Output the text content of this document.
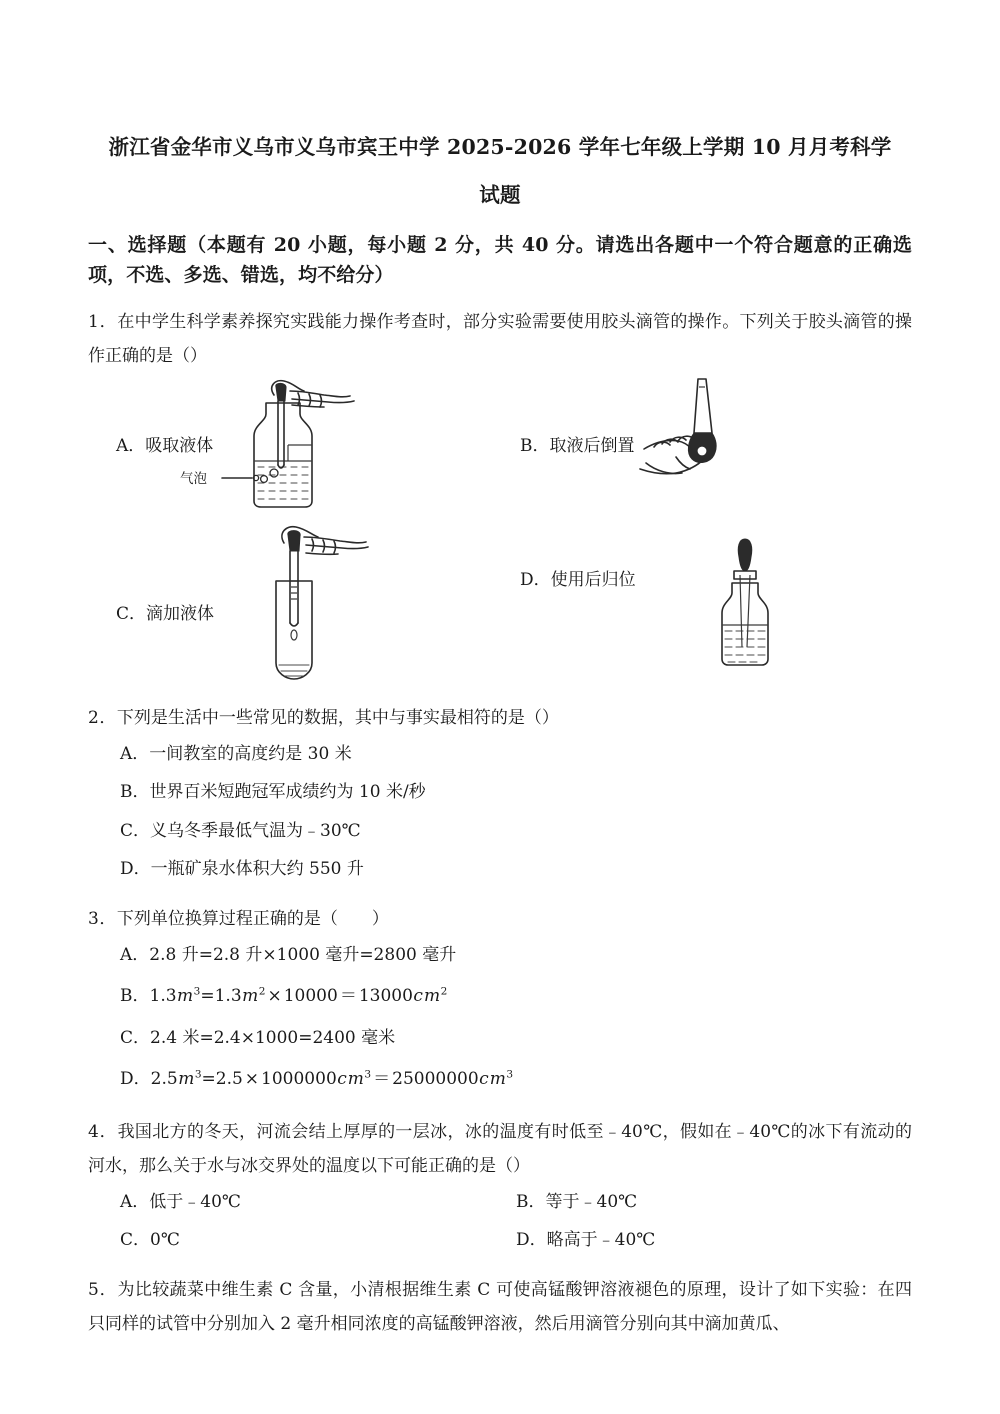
浙江省金华市义乌市义乌市宾王中学 2025-2026 学年七年级上学期 10 月月考科学
试题
一、选择题（本题有 20 小题，每小题 2 分，共 40 分。请选出各题中一个符合题意的正确选项，不选、多选、错选，均不给分）
1．在中学生科学素养探究实践能力操作考查时，部分实验需要使用胶头滴管的操作。下列关于胶头滴管的操作正确的是（）
A．吸取液体
气泡
B．取液后倒置
C．滴加液体
D．使用后归位
2．下列是生活中一些常见的数据，其中与事实最相符的是（）
A．一间教室的高度约是 30 米
B．世界百米短跑冠军成绩约为 10 米/秒
C．义乌冬季最低气温为﹣30℃
D．一瓶矿泉水体积大约 550 升
3．下列单位换算过程正确的是（　　）
A．2.8 升=2.8 升×1000 毫升=2800 毫升
B．$1.3m^3=1.3m^2 \times 10000 = 13000cm^2$
C．2.4 米=2.4×1000=2400 毫米
D．$2.5m^3=2.5 \times 1000000cm^3 = 25000000cm^3$
4．我国北方的冬天，河流会结上厚厚的一层冰，冰的温度有时低至﹣40℃，假如在﹣40℃的冰下有流动的河水，那么关于水与冰交界处的温度以下可能正确的是（）
A．低于﹣40℃	B．等于﹣40℃
C．0℃	D．略高于﹣40℃
5．为比较蔬菜中维生素 C 含量，小清根据维生素 C 可使高锰酸钾溶液褪色的原理，设计了如下实验：在四只同样的试管中分别加入 2 毫升相同浓度的高锰酸钾溶液，然后用滴管分别向其中滴加黄瓜、
